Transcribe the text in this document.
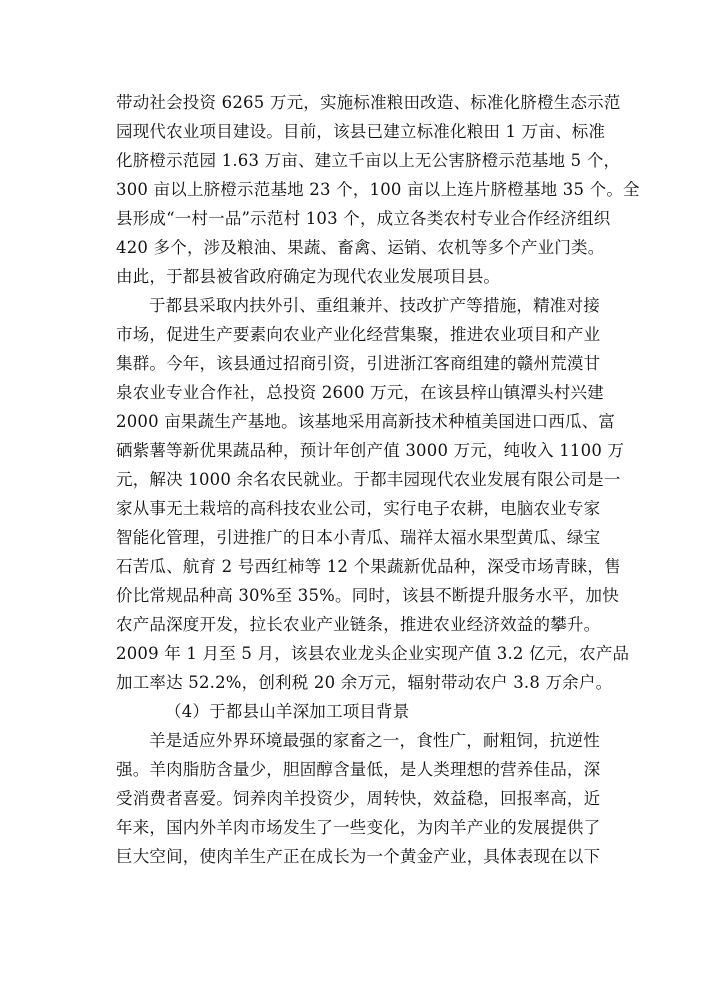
带动社会投资 6265 万元，实施标准粮田改造、标准化脐橙生态示范
园现代农业项目建设。目前，该县已建立标准化粮田 1 万亩、标准
化脐橙示范园 1.63 万亩、建立千亩以上无公害脐橙示范基地 5 个，
300 亩以上脐橙示范基地 23 个，100 亩以上连片脐橙基地 35 个。全
县形成“一村一品”示范村 103 个，成立各类农村专业合作经济组织
420 多个，涉及粮油、果蔬、畜禽、运销、农机等多个产业门类。
由此，于都县被省政府确定为现代农业发展项目县。
于都县采取内扶外引、重组兼并、技改扩产等措施，精准对接
市场，促进生产要素向农业产业化经营集聚，推进农业项目和产业
集群。今年，该县通过招商引资，引进浙江客商组建的赣州荒漠甘
泉农业专业合作社，总投资 2600 万元，在该县梓山镇潭头村兴建
2000 亩果蔬生产基地。该基地采用高新技术种植美国进口西瓜、富
硒紫薯等新优果蔬品种，预计年创产值 3000 万元，纯收入 1100 万
元，解决 1000 余名农民就业。于都丰园现代农业发展有限公司是一
家从事无土栽培的高科技农业公司，实行电子农耕，电脑农业专家
智能化管理，引进推广的日本小青瓜、瑞祥太福水果型黄瓜、绿宝
石苦瓜、航育 2 号西红柿等 12 个果蔬新优品种，深受市场青睐，售
价比常规品种高 30%至 35%。同时，该县不断提升服务水平，加快
农产品深度开发，拉长农业产业链条，推进农业经济效益的攀升。
2009 年 1 月至 5 月，该县农业龙头企业实现产值 3.2 亿元，农产品
加工率达 52.2%，创利税 20 余万元，辐射带动农户 3.8 万余户。
（4）于都县山羊深加工项目背景
羊是适应外界环境最强的家畜之一，食性广，耐粗饲，抗逆性
强。羊肉脂肪含量少，胆固醇含量低，是人类理想的营养佳品，深
受消费者喜爱。饲养肉羊投资少，周转快，效益稳，回报率高，近
年来，国内外羊肉市场发生了一些变化，为肉羊产业的发展提供了
巨大空间，使肉羊生产正在成长为一个黄金产业，具体表现在以下
